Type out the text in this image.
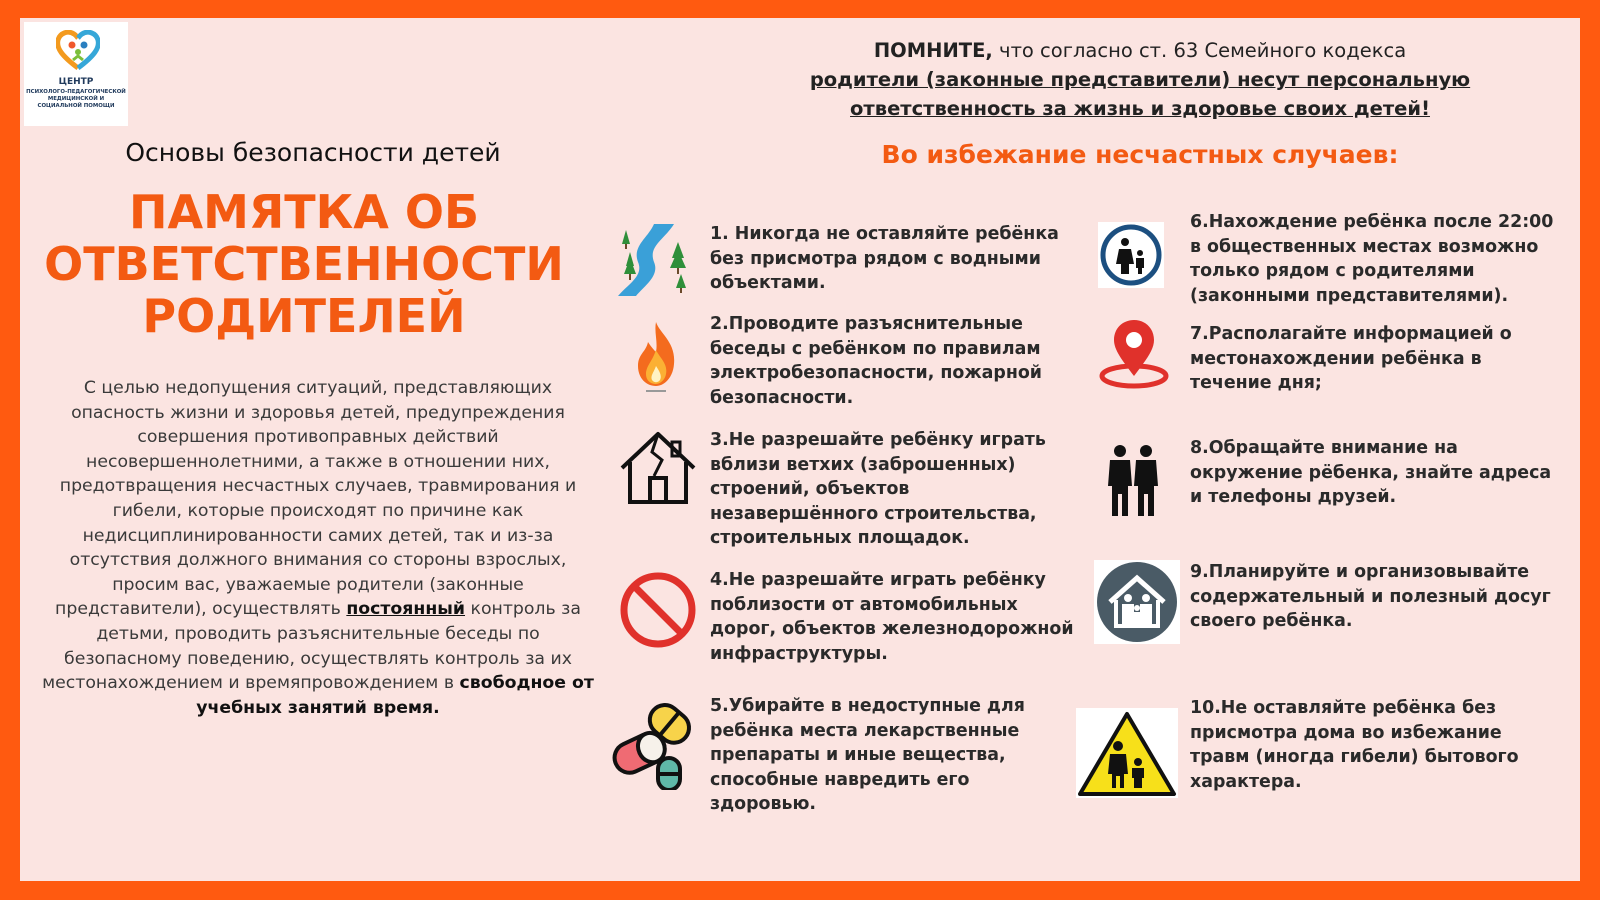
ЦЕНТР
ПСИХОЛОГО-ПЕДАГОГИЧЕСКОЙ МЕДИЦИНСКОЙ И СОЦИАЛЬНОЙ ПОМОЩИ
Основы безопасности детей
ПАМЯТКА ОБ
ОТВЕТСТВЕННОСТИ
РОДИТЕЛЕЙ
С целью недопущения ситуаций, представляющих опасность жизни и здоровья детей, предупреждения совершения противоправных действий несовершеннолетними, а также в отношении них, предотвращения несчастных случаев, травмирования и гибели, которые происходят по причине как недисциплинированности самих детей, так и из-за отсутствия должного внимания со стороны взрослых, просим вас, уважаемые родители (законные представители), осуществлять постоянный контроль за детьми, проводить разъяснительные беседы по безопасному поведению, осуществлять контроль за их местонахождением и времяпровождением в свободное от учебных занятий время.
ПОМНИТЕ, что согласно ст. 63 Семейного кодекса
родители (законные представители) несут персональную
ответственность за жизнь и здоровье своих детей!
Во избежание несчастных случаев:
1. Никогда не оставляйте ребёнка без присмотра рядом с водными объектами.
2.Проводите разъяснительные беседы с ребёнком по правилам электробезопасности, пожарной безопасности.
3.Не разрешайте ребёнку играть вблизи ветхих (заброшенных) строений, объектов незавершённого строительства, строительных площадок.
4.Не разрешайте играть ребёнку поблизости от автомобильных дорог, объектов железнодорожной инфраструктуры.
5.Убирайте в недоступные для ребёнка места лекарственные препараты и иные вещества, способные навредить его здоровью.
6.Нахождение ребёнка после 22:00 в общественных местах возможно только рядом с родителями (законными представителями).
7.Располагайте информацией о местонахождении ребёнка в течение дня;
8.Обращайте внимание на окружение рёбенка, знайте адреса и телефоны друзей.
9.Планируйте и организовывайте содержательный и полезный досуг своего ребёнка.
10.Не оставляйте ребёнка без присмотра дома во избежание травм (иногда гибели) бытового характера.
